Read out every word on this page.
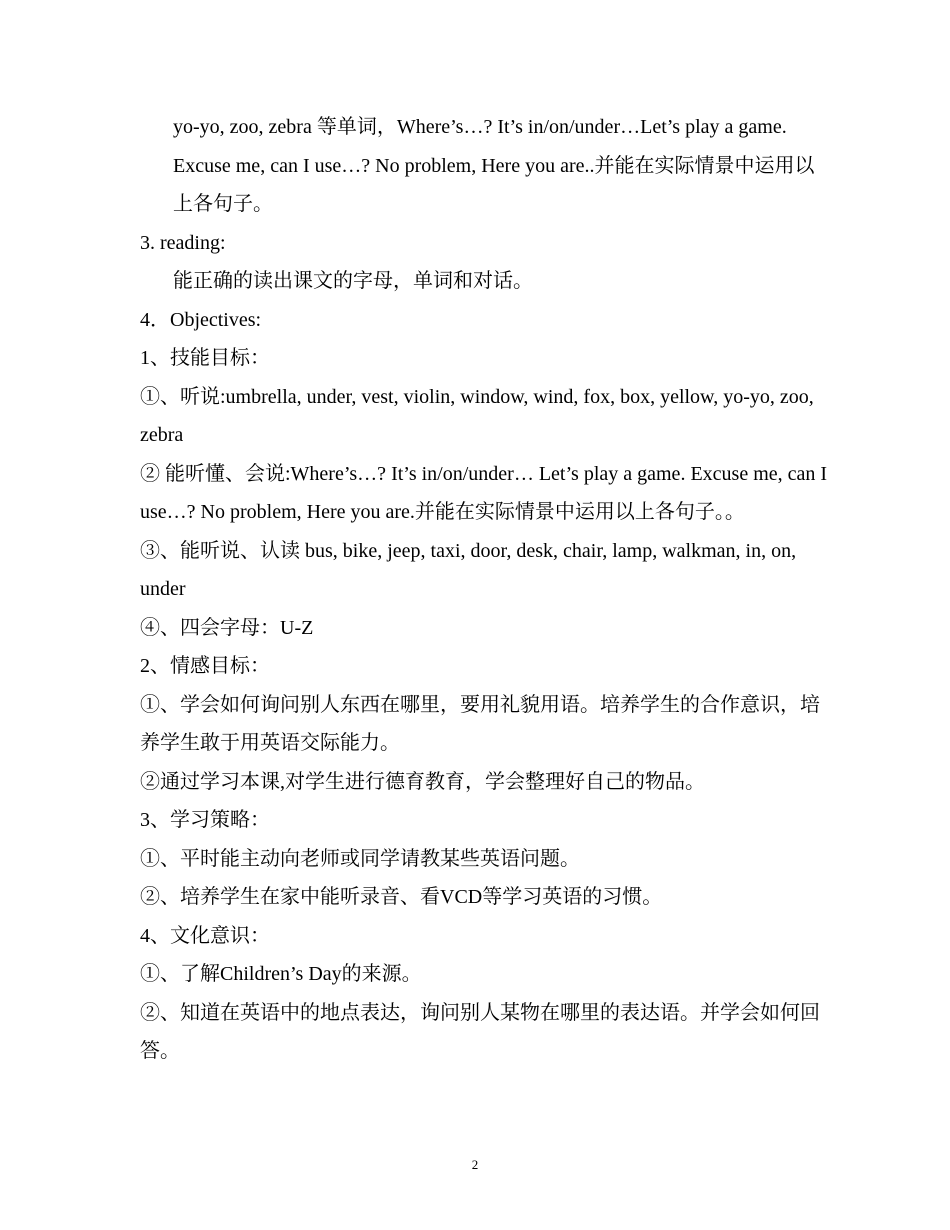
yo-yo, zoo, zebra 等单词，Where’s…? It’s in/on/under…Let’s play a game. Excuse me, can I use…? No problem, Here you are..并能在实际情景中运用以上各句子。

3. reading:

能正确的读出课文的字母，单词和对话。

4．Objectives:

1、技能目标：

①、听说:umbrella, under, vest, violin, window, wind, fox, box, yellow, yo-yo, zoo, zebra

② 能听懂、会说:Where’s…? It’s in/on/under… Let’s play a game. Excuse me, can I use…? No problem, Here you are.并能在实际情景中运用以上各句子。。

③、能听说、认读 bus, bike, jeep, taxi, door, desk, chair, lamp, walkman, in, on, under

④、四会字母：U-Z

2、情感目标：

①、学会如何询问别人东西在哪里，要用礼貌用语。培养学生的合作意识，培养学生敢于用英语交际能力。

②通过学习本课,对学生进行德育教育，学会整理好自己的物品。

3、学习策略：

①、平时能主动向老师或同学请教某些英语问题。

②、培养学生在家中能听录音、看VCD等学习英语的习惯。

4、文化意识：

①、了解Children’s Day的来源。

②、知道在英语中的地点表达，询问别人某物在哪里的表达语。并学会如何回答。

2
